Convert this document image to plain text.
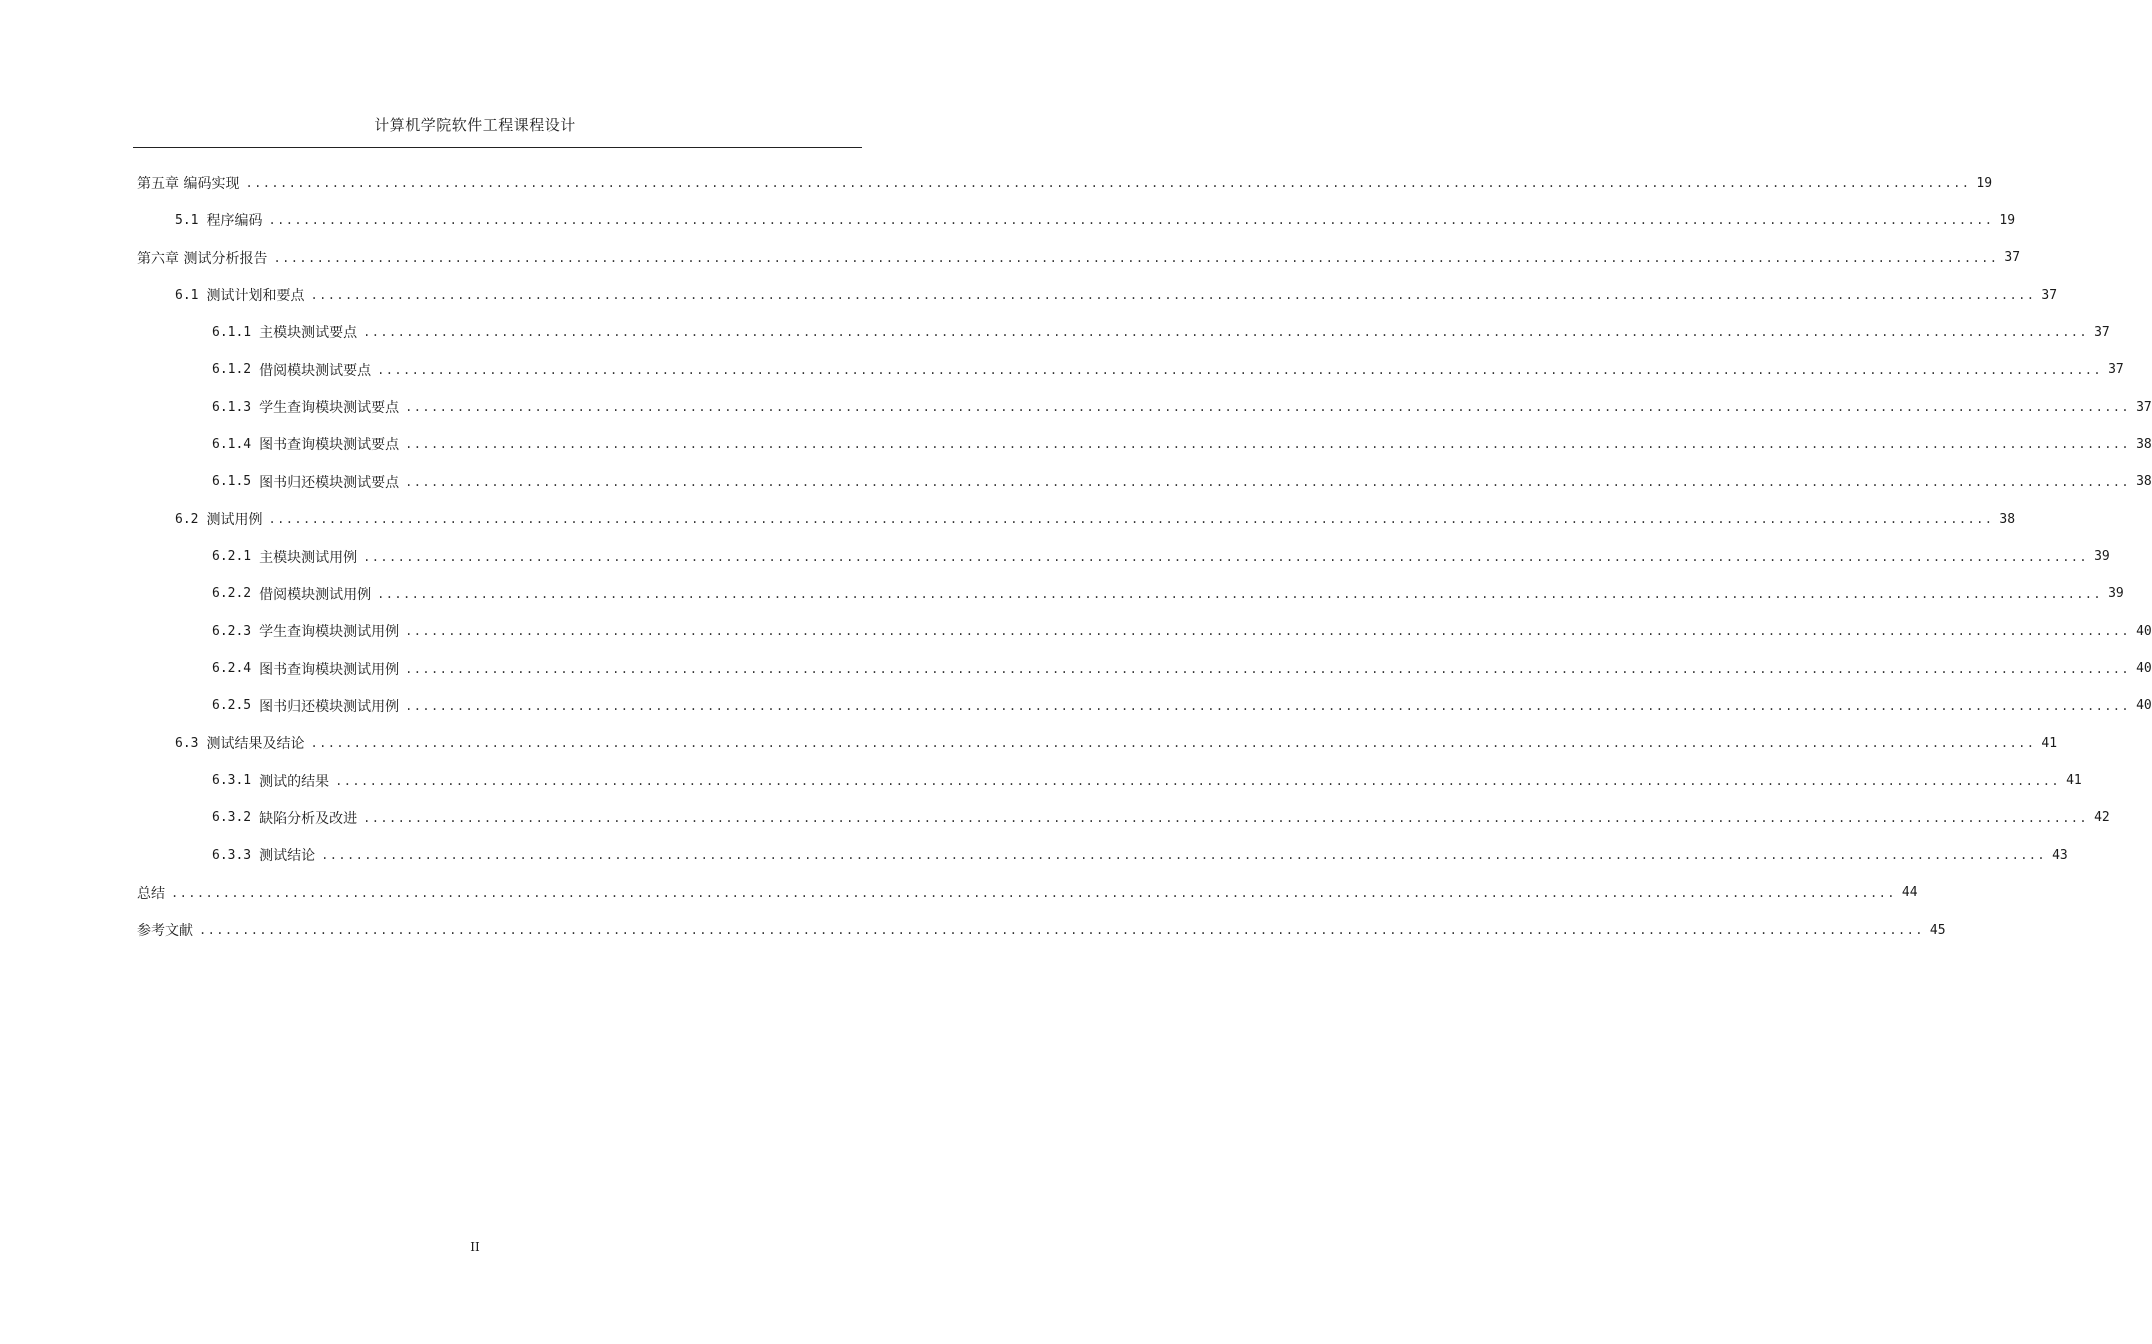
计算机学院软件工程课程设计
第五章 编码实现 ........................................................................................................................................................................................................ 19
5.1 程序编码 ........................................................................................................................................................................................................ 19
第六章 测试分析报告 ........................................................................................................................................................................................................ 37
6.1 测试计划和要点 ........................................................................................................................................................................................................ 37
6.1.1 主模块测试要点 ........................................................................................................................................................................................................ 37
6.1.2 借阅模块测试要点 ........................................................................................................................................................................................................ 37
6.1.3 学生查询模块测试要点 ........................................................................................................................................................................................................ 37
6.1.4 图书查询模块测试要点 ........................................................................................................................................................................................................ 38
6.1.5 图书归还模块测试要点 ........................................................................................................................................................................................................ 38
6.2 测试用例 ........................................................................................................................................................................................................ 38
6.2.1 主模块测试用例 ........................................................................................................................................................................................................ 39
6.2.2 借阅模块测试用例 ........................................................................................................................................................................................................ 39
6.2.3 学生查询模块测试用例 ........................................................................................................................................................................................................ 40
6.2.4 图书查询模块测试用例 ........................................................................................................................................................................................................ 40
6.2.5 图书归还模块测试用例 ........................................................................................................................................................................................................ 40
6.3 测试结果及结论 ........................................................................................................................................................................................................ 41
6.3.1 测试的结果 ........................................................................................................................................................................................................ 41
6.3.2 缺陷分析及改进 ........................................................................................................................................................................................................ 42
6.3.3 测试结论 ........................................................................................................................................................................................................ 43
总结 ........................................................................................................................................................................................................ 44
参考文献 ........................................................................................................................................................................................................ 45
II
